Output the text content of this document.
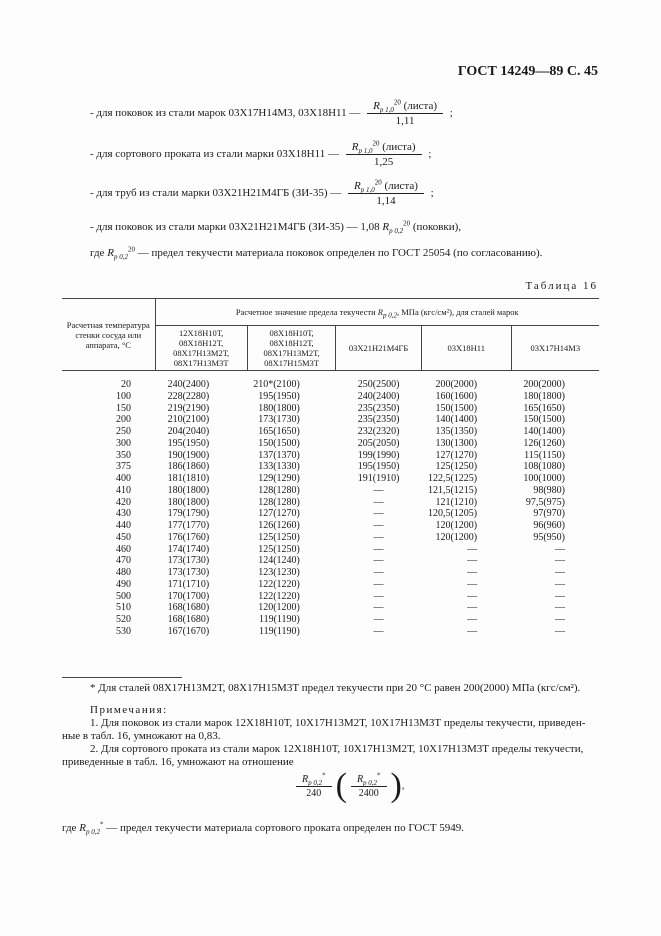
ГОСТ 14249—89 С. 45
- для поковок из стали марок 03Х17Н14М3, 03Х18Н11 — $\frac{R_{p 1,0}^{20} (листа)}{1,11}$ ;
- для сортового проката из стали марки 03Х18Н11 — $\frac{R_{p 1,0}^{20} (листа)}{1,25}$ ;
- для труб из стали марки 03Х21Н21М4ГБ (ЗИ-35) — $\frac{R_{p 1,0}^{20} (листа)}{1,14}$ ;
- для поковок из стали марки 03Х21Н21М4ГБ (ЗИ-35) — 1,08 $R_{p 0,2}^{20}$ (поковки),
где $R_{p 0,2}^{20}$ — предел текучести материала поковок определен по ГОСТ 25054 (по согласованию).
Таблица 16
Расчетная температура стенки сосуда или аппарата, °С	Расчетное значение предела текучести $R_{p 0,2}$, МПа (кгс/см²), для сталей марок				
	12Х18Н10Т, 08Х18Н12Т, 08Х17Н13М2Т, 08Х17Н13М3Т	08Х18Н10Т, 08Х18Н12Т, 08Х17Н13М2Т, 08Х17Н15М3Т	03Х21Н21М4ГБ	03Х18Н11	03Х17Н14М3

20	240(2400)	210*(2100)	250(2500)	200(2000)	200(2000)
100	228(2280)	195(1950)	240(2400)	160(1600)	180(1800)
150	219(2190)	180(1800)	235(2350)	150(1500)	165(1650)
200	210(2100)	173(1730)	235(2350)	140(1400)	150(1500)
250	204(2040)	165(1650)	232(2320)	135(1350)	140(1400)
300	195(1950)	150(1500)	205(2050)	130(1300)	126(1260)
350	190(1900)	137(1370)	199(1990)	127(1270)	115(1150)
375	186(1860)	133(1330)	195(1950)	125(1250)	108(1080)
400	181(1810)	129(1290)	191(1910)	122,5(1225)	100(1000)
410	180(1800)	128(1280)	—	121,5(1215)	98(980)
420	180(1800)	128(1280)	—	121(1210)	97,5(975)
430	179(1790)	127(1270)	—	120,5(1205)	97(970)
440	177(1770)	126(1260)	—	120(1200)	96(960)
450	176(1760)	125(1250)	—	120(1200)	95(950)
460	174(1740)	125(1250)	—	—	—
470	173(1730)	124(1240)	—	—	—
480	173(1730)	123(1230)	—	—	—
490	171(1710)	122(1220)	—	—	—
500	170(1700)	122(1220)	—	—	—
510	168(1680)	120(1200)	—	—	—
520	168(1680)	119(1190)	—	—	—
530	167(1670)	119(1190)	—	—	—
* Для сталей 08Х17Н13М2Т, 08Х17Н15М3Т предел текучести при 20 °С равен 200(2000) МПа (кгс/см²).
Примечания:
1. Для поковок из стали марок 12Х18Н10Т, 10Х17Н13М2Т, 10Х17Н13М3Т пределы текучести, приведен-
ные в табл. 16, умножают на 0,83.
2. Для сортового проката из стали марок 12Х18Н10Т, 10Х17Н13М2Т, 10Х17Н13М3Т пределы текучести,
приведенные в табл. 16, умножают на отношение
$\frac{R_{p 0,2}^*}{240}$ ( $\frac{R_{p 0,2}^*}{2400}$ ),
где $R_{p 0,2}^*$ — предел текучести материала сортового проката определен по ГОСТ 5949.
